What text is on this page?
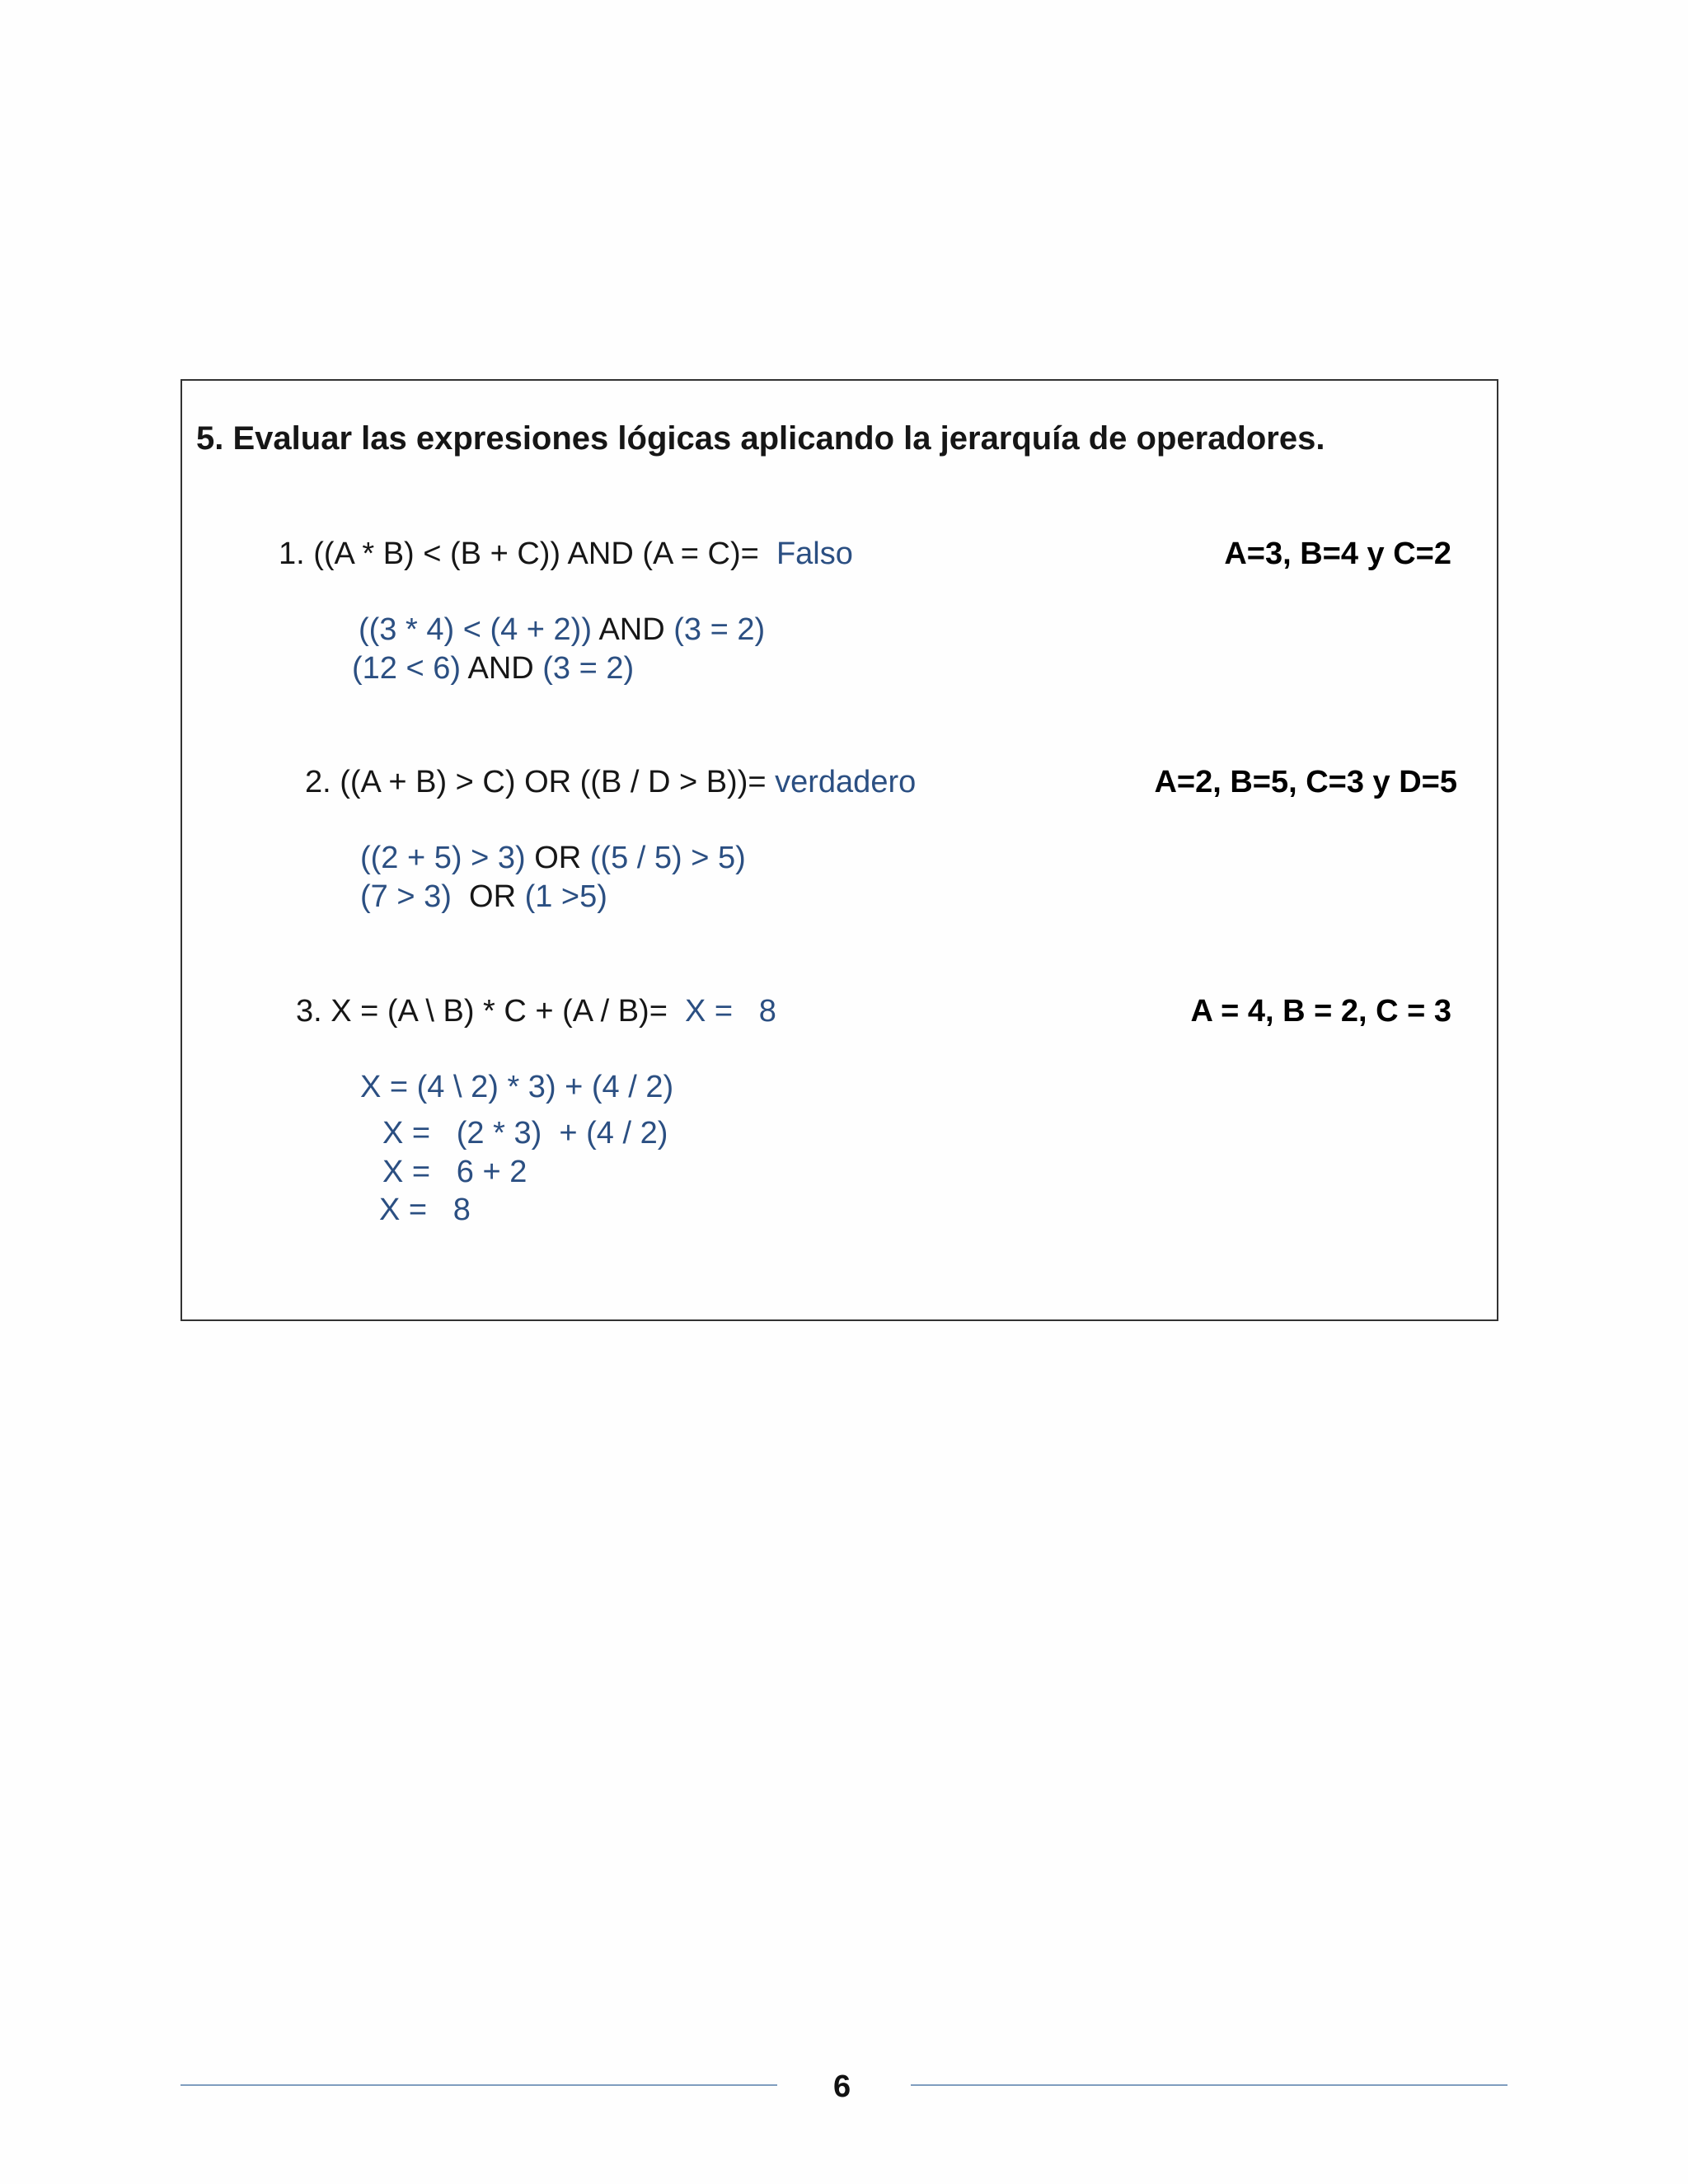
5. Evaluar las expresiones lógicas aplicando la jerarquía de operadores.
1. ((A * B) < (B + C)) AND (A = C)= Falso	A=3, B=4 y C=2
((3 * 4) < (4 + 2)) AND (3 = 2)
(12 < 6) AND (3 = 2)
2. ((A + B) > C) OR ((B / D > B))= verdadero	A=2, B=5, C=3 y D=5
((2 + 5) > 3) OR ((5 / 5) > 5)
(7 > 3)  OR (1 >5)
3. X = (A \ B) * C + (A / B)= X =   8	A = 4, B = 2, C = 3
X = (4 \ 2) * 3) + (4 / 2)
X =   (2 * 3)  + (4 / 2)
X =   6 + 2
X =   8
6
